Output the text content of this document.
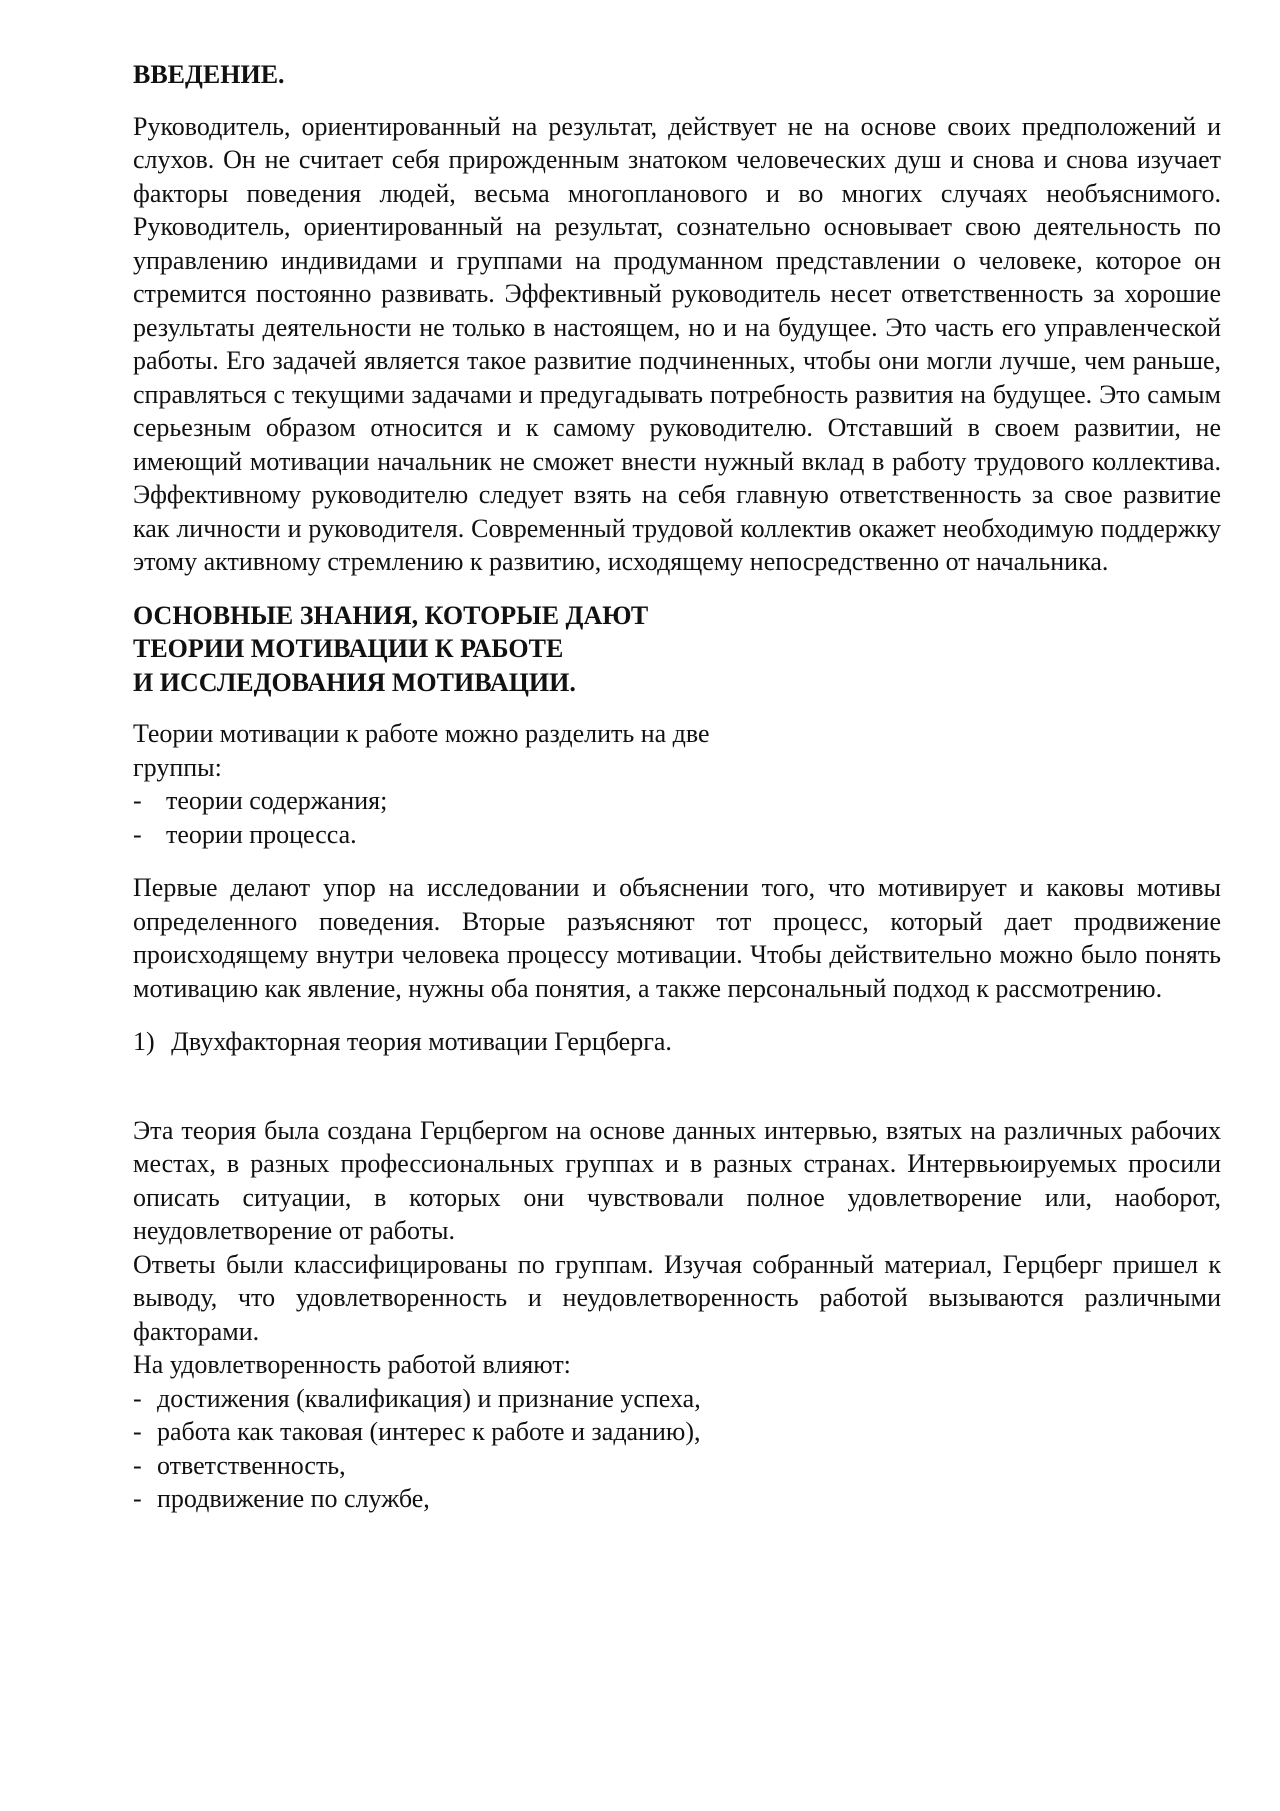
ВВЕДЕНИЕ.

Руководитель, ориентированный на результат, действует не на основе своих предположений и слухов. Он не считает себя прирожденным знатоком человеческих душ и снова и снова изучает факторы поведения людей, весьма многопланового и во многих случаях необъяснимого. Руководитель, ориентированный на результат, сознательно основывает свою деятельность по управлению индивидами и группами на продуманном представлении о человеке, которое он стремится постоянно развивать. Эффективный руководитель несет ответственность за хорошие результаты деятельности не только в настоящем, но и на будущее. Это часть его управленческой работы. Его задачей является такое развитие подчиненных, чтобы они могли лучше, чем раньше, справляться с текущими задачами и предугадывать потребность развития на будущее. Это самым серьезным образом относится и к самому руководителю. Отставший в своем развитии, не имеющий мотивации начальник не сможет внести нужный вклад в работу трудового коллектива. Эффективному руководителю следует взять на себя главную ответственность за свое развитие как личности и руководителя. Современный трудовой коллектив окажет необходимую поддержку этому активному стремлению к развитию, исходящему непосредственно от начальника.

ОСНОВНЫЕ ЗНАНИЯ, КОТОРЫЕ ДАЮТ
ТЕОРИИ МОТИВАЦИИ К РАБОТЕ
И ИССЛЕДОВАНИЯ МОТИВАЦИИ.

Теории мотивации к работе можно разделить на две группы:

- теории содержания;
- теории процесса.

Первые делают упор на исследовании и объяснении того, что мотивирует и каковы мотивы определенного поведения. Вторые разъясняют тот процесс, который дает продвижение происходящему внутри человека процессу мотивации. Чтобы действительно можно было понять мотивацию как явление, нужны оба понятия, а также персональный подход к рассмотрению.

1) Двухфакторная теория мотивации Герцберга.

Эта теория была создана Герцбергом на основе данных интервью, взятых на различных рабочих местах, в разных профессиональных группах и в разных странах. Интервьюируемых просили описать ситуации, в которых они чувствовали полное удовлетворение или, наоборот, неудовлетворение от работы.

Ответы были классифицированы по группам. Изучая собранный материал, Герцберг пришел к выводу, что удовлетворенность и неудовлетворенность работой вызываются различными факторами.

На удовлетворенность работой влияют:

- достижения (квалификация) и признание успеха,
- работа как таковая (интерес к работе и заданию),
- ответственность,
- продвижение по службе,
